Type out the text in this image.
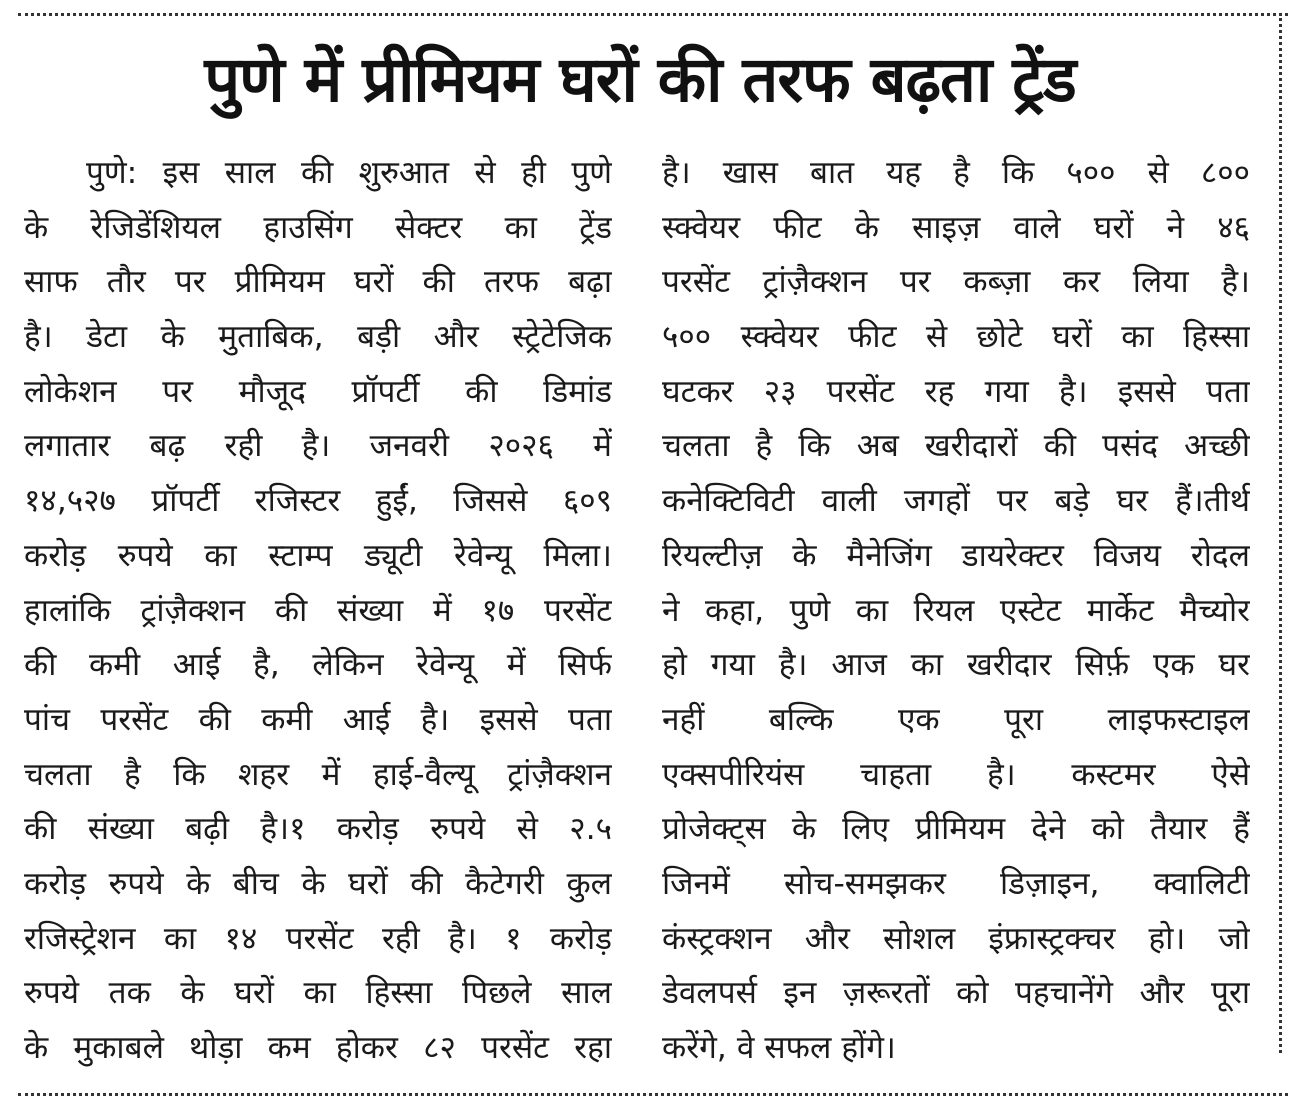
पुणे में प्रीमियम घरों की तरफ बढ़ता ट्रेंड
पुणे: इस साल की शुरुआत से ही पुणे
के रेजिडेंशियल हाउसिंग सेक्टर का ट्रेंड
साफ तौर पर प्रीमियम घरों की तरफ बढ़ा
है। डेटा के मुताबिक, बड़ी और स्ट्रेटेजिक
लोकेशन पर मौजूद प्रॉपर्टी की डिमांड
लगातार बढ़ रही है। जनवरी २०२६ में
१४,५२७ प्रॉपर्टी रजिस्टर हुईं, जिससे ६०९
करोड़ रुपये का स्टाम्प ड्यूटी रेवेन्यू मिला।
हालांकि ट्रांज़ैक्शन की संख्या में १७ परसेंट
की कमी आई है, लेकिन रेवेन्यू में सिर्फ
पांच परसेंट की कमी आई है। इससे पता
चलता है कि शहर में हाई-वैल्यू ट्रांज़ैक्शन
की संख्या बढ़ी है।१ करोड़ रुपये से २.५
करोड़ रुपये के बीच के घरों की कैटेगरी कुल
रजिस्ट्रेशन का १४ परसेंट रही है। १ करोड़
रुपये तक के घरों का हिस्सा पिछले साल
के मुकाबले थोड़ा कम होकर ८२ परसेंट रहा
है। खास बात यह है कि ५०० से ८००
स्क्वेयर फीट के साइज़ वाले घरों ने ४६
परसेंट ट्रांज़ैक्शन पर कब्ज़ा कर लिया है।
५०० स्क्वेयर फीट से छोटे घरों का हिस्सा
घटकर २३ परसेंट रह गया है। इससे पता
चलता है कि अब खरीदारों की पसंद अच्छी
कनेक्टिविटी वाली जगहों पर बड़े घर हैं।तीर्थ
रियल्टीज़ के मैनेजिंग डायरेक्टर विजय रोदल
ने कहा, पुणे का रियल एस्टेट मार्केट मैच्योर
हो गया है। आज का खरीदार सिर्फ़ एक घर
नहीं बल्कि एक पूरा लाइफस्टाइल
एक्सपीरियंस चाहता है। कस्टमर ऐसे
प्रोजेक्ट्स के लिए प्रीमियम देने को तैयार हैं
जिनमें सोच-समझकर डिज़ाइन, क्वालिटी
कंस्ट्रक्शन और सोशल इंफ्रास्ट्रक्चर हो। जो
डेवलपर्स इन ज़रूरतों को पहचानेंगे और पूरा
करेंगे, वे सफल होंगे।
